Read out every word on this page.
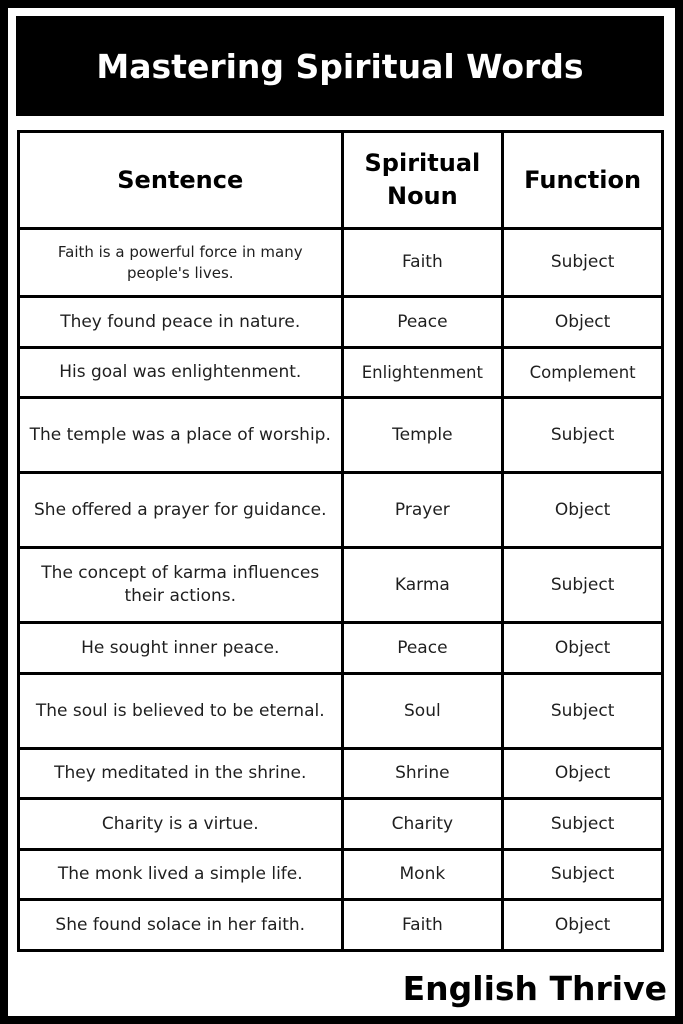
Mastering Spiritual Words
Sentence	Spiritual Noun	Function
Faith is a powerful force in many people's lives.	Faith	Subject
They found peace in nature.	Peace	Object
His goal was enlightenment.	Enlightenment	Complement
The temple was a place of worship.	Temple	Subject
She offered a prayer for guidance.	Prayer	Object
The concept of karma influences their actions.	Karma	Subject
He sought inner peace.	Peace	Object
The soul is believed to be eternal.	Soul	Subject
They meditated in the shrine.	Shrine	Object
Charity is a virtue.	Charity	Subject
The monk lived a simple life.	Monk	Subject
She found solace in her faith.	Faith	Object
English Thrive
